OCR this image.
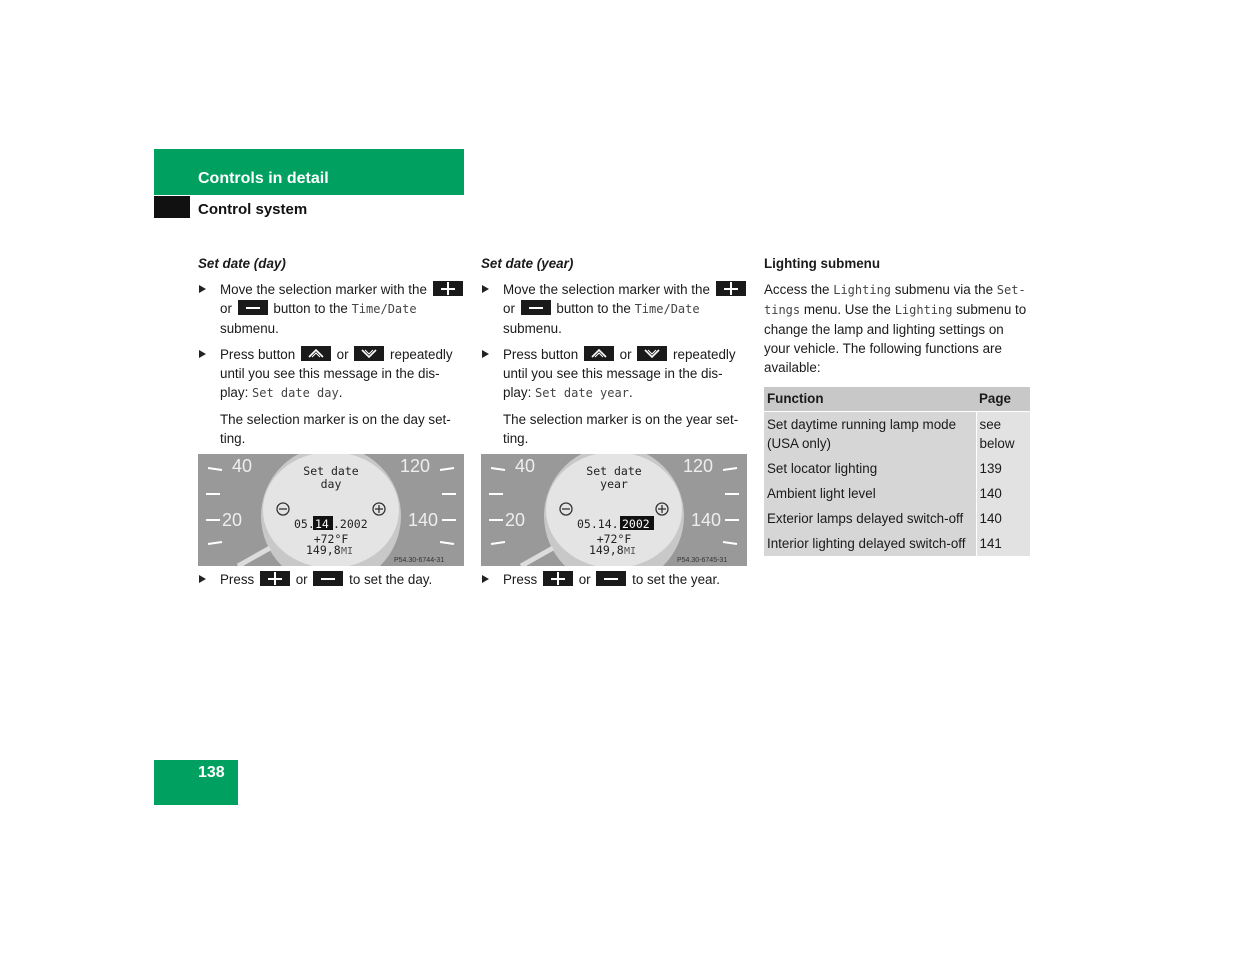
Controls in detail
Control system
Set date (day)
Move the selection marker with the  or	button to the Time/Date submenu.
Press button	or	repeatedly until you see this message in the dis-play: Set date day.
The selection marker is on the day set-ting.
40
20
120
140
Set date
day
05. 14 .2002
+72°F
149,8 MI
P54.30-6744-31
Press	or	to set the day.
Set date (year)
Move the selection marker with the  or	button to the Time/Date submenu.
Press button	or	repeatedly until you see this message in the dis-play: Set date year.
The selection marker is on the year set-ting.
40
20
120
140
Set date
year
05.14. 2002
+72°F
149,8 MI
P54.30-6745-31
Press	or	to set the year.
Lighting submenu
Access the Lighting submenu via the Set-tings menu. Use the Lighting submenu to change the lamp and lighting settings on your vehicle. The following functions are available:
Function	Page
Set daytime running lamp mode (USA only)	see below
Set locator lighting	139
Ambient light level	140
Exterior lamps delayed switch-off	140
Interior lighting delayed switch-off	141
138
